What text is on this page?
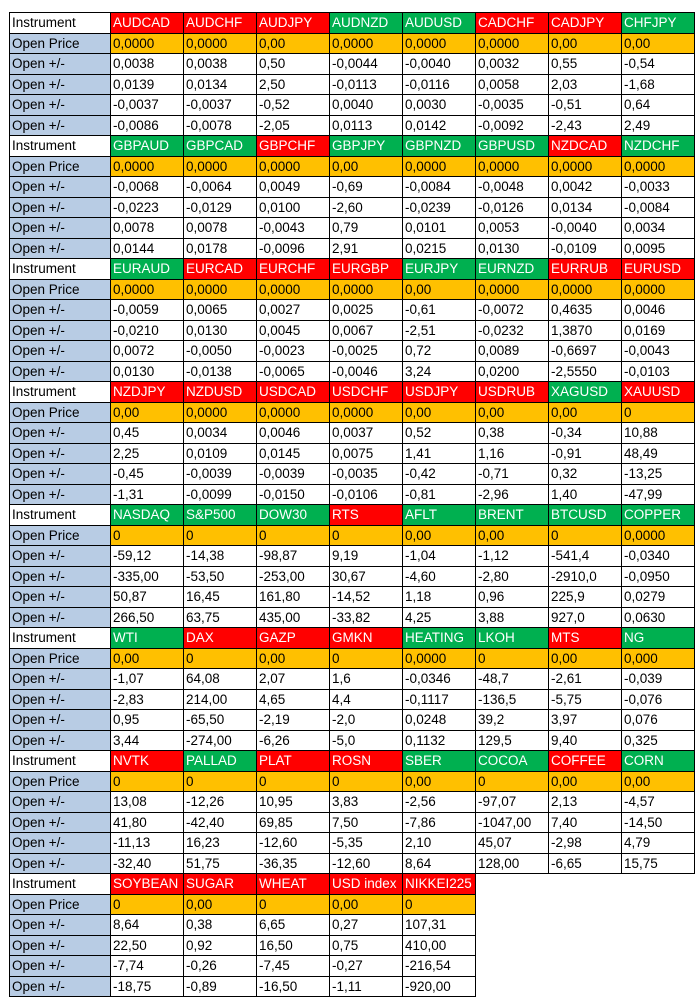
Instrument	AUDCAD	AUDCHF	AUDJPY	AUDNZD	AUDUSD	CADCHF	CADJPY	CHFJPY
Open Price	0,0000	0,0000	0,00	0,0000	0,0000	0,0000	0,00	0,00
Open +/-	0,0038	0,0038	0,50	-0,0044	-0,0040	0,0032	0,55	-0,54
Open +/-	0,0139	0,0134	2,50	-0,0113	-0,0116	0,0058	2,03	-1,68
Open +/-	-0,0037	-0,0037	-0,52	0,0040	0,0030	-0,0035	-0,51	0,64
Open +/-	-0,0086	-0,0078	-2,05	0,0113	0,0142	-0,0092	-2,43	2,49
Instrument	GBPAUD	GBPCAD	GBPCHF	GBPJPY	GBPNZD	GBPUSD	NZDCAD	NZDCHF
Open Price	0,0000	0,0000	0,0000	0,00	0,0000	0,0000	0,0000	0,0000
Open +/-	-0,0068	-0,0064	0,0049	-0,69	-0,0084	-0,0048	0,0042	-0,0033
Open +/-	-0,0223	-0,0129	0,0100	-2,60	-0,0239	-0,0126	0,0134	-0,0084
Open +/-	0,0078	0,0078	-0,0043	0,79	0,0101	0,0053	-0,0040	0,0034
Open +/-	0,0144	0,0178	-0,0096	2,91	0,0215	0,0130	-0,0109	0,0095
Instrument	EURAUD	EURCAD	EURCHF	EURGBP	EURJPY	EURNZD	EURRUB	EURUSD
Open Price	0,0000	0,0000	0,0000	0,0000	0,00	0,0000	0,0000	0,0000
Open +/-	-0,0059	0,0065	0,0027	0,0025	-0,61	-0,0072	0,4635	0,0046
Open +/-	-0,0210	0,0130	0,0045	0,0067	-2,51	-0,0232	1,3870	0,0169
Open +/-	0,0072	-0,0050	-0,0023	-0,0025	0,72	0,0089	-0,6697	-0,0043
Open +/-	0,0130	-0,0138	-0,0065	-0,0046	3,24	0,0200	-2,5550	-0,0103
Instrument	NZDJPY	NZDUSD	USDCAD	USDCHF	USDJPY	USDRUB	XAGUSD	XAUUSD
Open Price	0,00	0,0000	0,0000	0,0000	0,00	0,00	0,00	0
Open +/-	0,45	0,0034	0,0046	0,0037	0,52	0,38	-0,34	10,88
Open +/-	2,25	0,0109	0,0145	0,0075	1,41	1,16	-0,91	48,49
Open +/-	-0,45	-0,0039	-0,0039	-0,0035	-0,42	-0,71	0,32	-13,25
Open +/-	-1,31	-0,0099	-0,0150	-0,0106	-0,81	-2,96	1,40	-47,99
Instrument	NASDAQ	S&P500	DOW30	RTS	AFLT	BRENT	BTCUSD	COPPER
Open Price	0	0	0	0	0,00	0,00	0	0,0000
Open +/-	-59,12	-14,38	-98,87	9,19	-1,04	-1,12	-541,4	-0,0340
Open +/-	-335,00	-53,50	-253,00	30,67	-4,60	-2,80	-2910,0	-0,0950
Open +/-	50,87	16,45	161,80	-14,52	1,18	0,96	225,9	0,0279
Open +/-	266,50	63,75	435,00	-33,82	4,25	3,88	927,0	0,0630
Instrument	WTI	DAX	GAZP	GMKN	HEATING	LKOH	MTS	NG
Open Price	0,00	0	0,00	0	0,0000	0	0,00	0,000
Open +/-	-1,07	64,08	2,07	1,6	-0,0346	-48,7	-2,61	-0,039
Open +/-	-2,83	214,00	4,65	4,4	-0,1117	-136,5	-5,75	-0,076
Open +/-	0,95	-65,50	-2,19	-2,0	0,0248	39,2	3,97	0,076
Open +/-	3,44	-274,00	-6,26	-5,0	0,1132	129,5	9,40	0,325
Instrument	NVTK	PALLAD	PLAT	ROSN	SBER	COCOA	COFFEE	CORN
Open Price	0	0	0	0	0,00	0	0,00	0,00
Open +/-	13,08	-12,26	10,95	3,83	-2,56	-97,07	2,13	-4,57
Open +/-	41,80	-42,40	69,85	7,50	-7,86	-1047,00	7,40	-14,50
Open +/-	-11,13	16,23	-12,60	-5,35	2,10	45,07	-2,98	4,79
Open +/-	-32,40	51,75	-36,35	-12,60	8,64	128,00	-6,65	15,75
Instrument	SOYBEAN	SUGAR	WHEAT	USD index	NIKKEI225			
Open Price	0	0,00	0	0,00	0			
Open +/-	8,64	0,38	6,65	0,27	107,31			
Open +/-	22,50	0,92	16,50	0,75	410,00			
Open +/-	-7,74	-0,26	-7,45	-0,27	-216,54			
Open +/-	-18,75	-0,89	-16,50	-1,11	-920,00			
